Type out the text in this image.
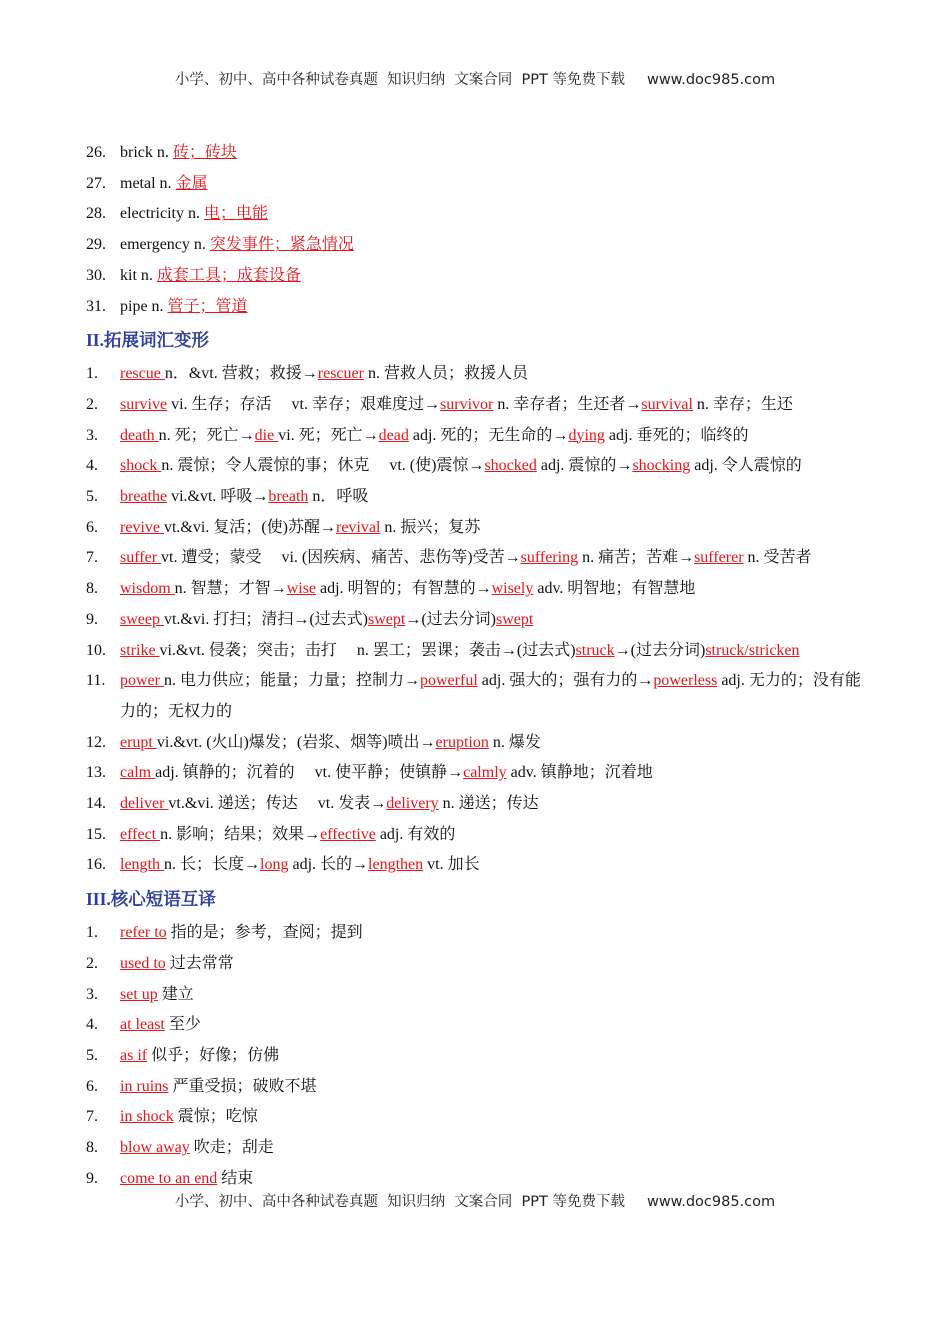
小学、初中、高中各种试卷真题  知识归纳  文案合同  PPT 等免费下载 www.doc985.com
26. brick n. 砖；砖块
27. metal n. 金属
28. electricity n. 电；电能
29. emergency n. 突发事件；紧急情况
30. kit n. 成套工具；成套设备
31. pipe n. 管子；管道
II.拓展词汇变形
1.	rescue n．&vt. 营救；救援→rescuer n. 营救人员；救援人员
2.	survive vi. 生存；存活　 vt. 幸存；艰难度过→survivor n. 幸存者；生还者→survival n. 幸存；生还
3.	death n. 死；死亡→die vi. 死；死亡→dead adj. 死的；无生命的→dying adj. 垂死的；临终的
4.	shock n. 震惊；令人震惊的事；休克　 vt. (使)震惊→shocked adj. 震惊的→shocking adj. 令人震惊的
5.	breathe vi.&vt. 呼吸→breath n．呼吸
6.	revive vt.&vi. 复活；(使)苏醒→revival n. 振兴；复苏
7.	suffer vt. 遭受；蒙受　 vi. (因疾病、痛苦、悲伤等)受苦→suffering n. 痛苦；苦难→sufferer n. 受苦者
8.	wisdom n. 智慧；才智→wise adj. 明智的；有智慧的→wisely adv. 明智地；有智慧地
9.	sweep vt.&vi. 打扫；清扫→(过去式)swept→(过去分词)swept
10. strike vi.&vt. 侵袭；突击；击打　 n. 罢工；罢课；袭击→(过去式)struck→(过去分词)struck/stricken
11. power n. 电力供应；能量；力量；控制力→powerful adj. 强大的；强有力的→powerless adj. 无力的；没有能力的；无权力的
12. erupt vi.&vt. (火山)爆发；(岩浆、烟等)喷出→eruption n. 爆发
13. calm adj. 镇静的；沉着的　 vt. 使平静；使镇静→calmly adv. 镇静地；沉着地
14. deliver vt.&vi. 递送；传达　 vt. 发表→delivery n. 递送；传达
15. effect n. 影响；结果；效果→effective adj. 有效的
16. length n. 长；长度→long adj. 长的→lengthen vt. 加长
III.核心短语互译
1.	refer to 指的是；参考，查阅；提到
2.	used to 过去常常
3.	set up 建立
4.	at least 至少
5.	as if 似乎；好像；仿佛
6.	in ruins 严重受损；破败不堪
7.	in shock 震惊；吃惊
8.	blow away 吹走；刮走
9.	come to an end 结束
小学、初中、高中各种试卷真题  知识归纳  文案合同  PPT 等免费下载 www.doc985.com
